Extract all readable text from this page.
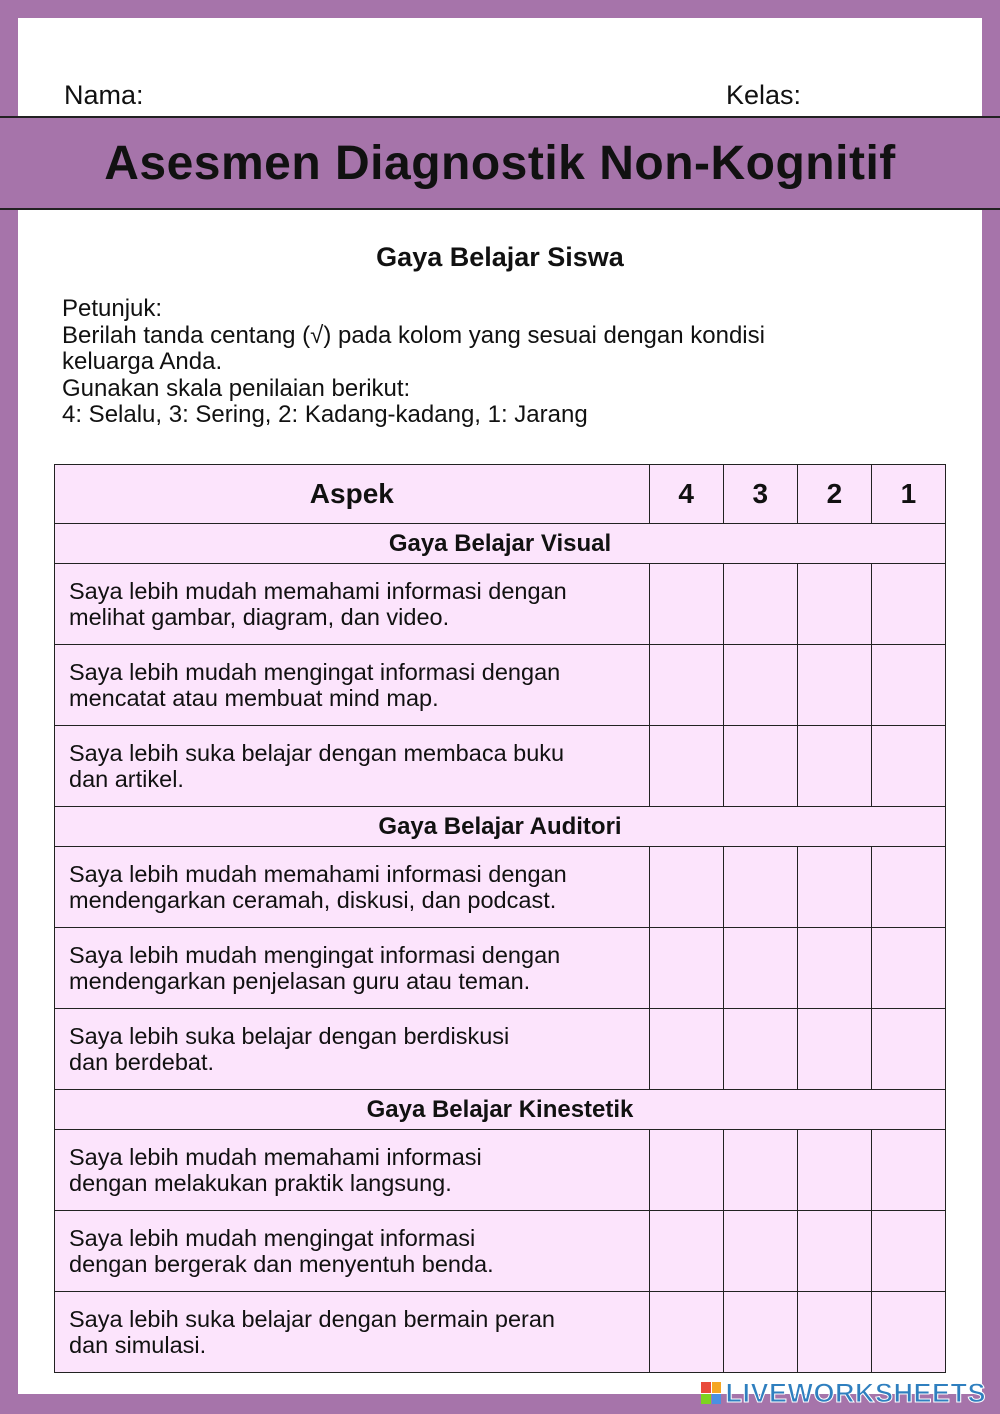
Nama:	Kelas:
Asesmen Diagnostik Non-Kognitif
Gaya Belajar Siswa
Petunjuk:
Berilah tanda centang (√) pada kolom yang sesuai dengan kondisi
keluarga Anda.
Gunakan skala penilaian berikut:
4: Selalu, 3: Sering, 2: Kadang-kadang, 1: Jarang
Aspek	4	3	2	1
Gaya Belajar Visual				

Saya lebih mudah memahami informasi dengan
melihat gambar, diagram, dan video.				

Saya lebih mudah mengingat informasi dengan
mencatat atau membuat mind map.				

Saya lebih suka belajar dengan membaca buku
dan artikel.				

Gaya Belajar Auditori				

Saya lebih mudah memahami informasi dengan
mendengarkan ceramah, diskusi, dan podcast.				

Saya lebih mudah mengingat informasi dengan
mendengarkan penjelasan guru atau teman.				

Saya lebih suka belajar dengan berdiskusi
dan berdebat.				

Gaya Belajar Kinestetik				

Saya lebih mudah memahami informasi
dengan melakukan praktik langsung.				

Saya lebih mudah mengingat informasi
dengan bergerak dan menyentuh benda.				

Saya lebih suka belajar dengan bermain peran
dan simulasi.				

LIVEWORKSHEETS
